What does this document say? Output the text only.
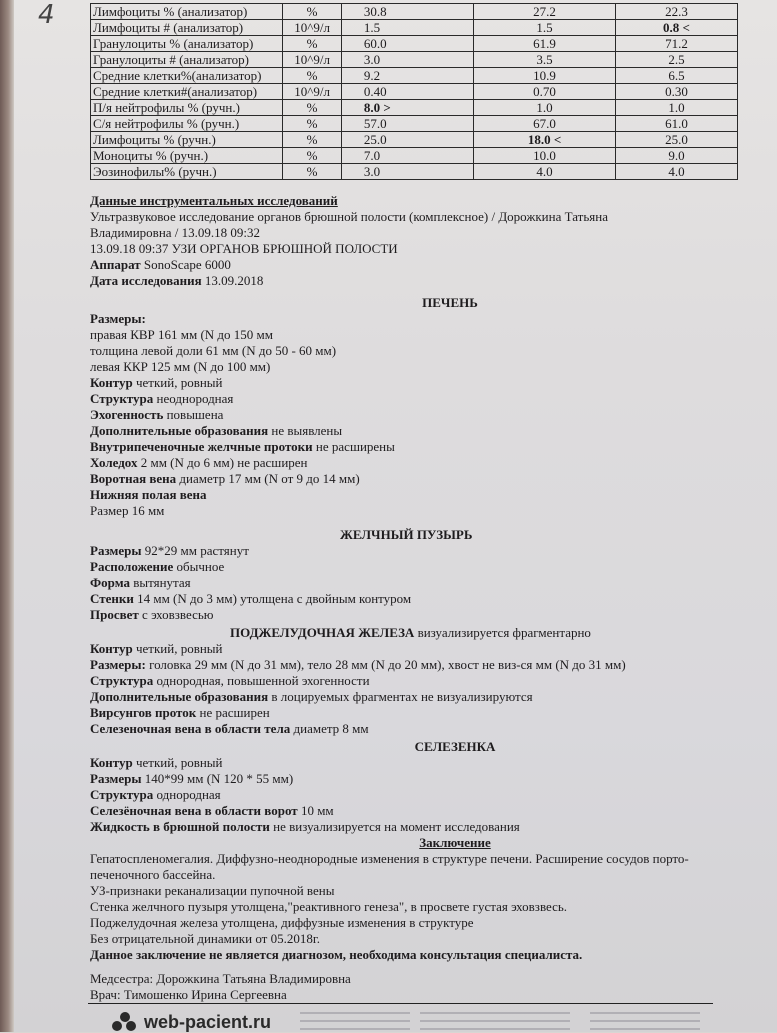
4	Лимфоциты % (анализатор)	%	30.8	27.2	22.3
Лимфоциты # (анализатор)	10^9/л	1.5	1.5	0.8 <
Гранулоциты % (анализатор)	%	60.0	61.9	71.2
Гранулоциты # (анализатор)	10^9/л	3.0	3.5	2.5
Средние клетки%(анализатор)	%	9.2	10.9	6.5
Средние клетки#(анализатор)	10^9/л	0.40	0.70	0.30
П/я нейтрофилы % (ручн.)	%	8.0 >	1.0	1.0
С/я нейтрофилы % (ручн.)	%	57.0	67.0	61.0
Лимфоциты % (ручн.)	%	25.0	18.0 <	25.0
Моноциты % (ручн.)	%	7.0	10.0	9.0
Эозинофилы% (ручн.)	%	3.0	4.0	4.0
Данные инструментальных исследований
Ультразвуковое исследование органов брюшной полости (комплексное) / Дорожкина Татьяна
Владимировна / 13.09.18 09:32
13.09.18 09:37 УЗИ ОРГАНОВ БРЮШНОЙ ПОЛОСТИ
Аппарат SonoScape 6000
Дата исследования 13.09.2018
ПЕЧЕНЬ
Размеры:
правая КВР 161 мм (N до 150 мм
толщина левой доли 61 мм (N до 50 - 60 мм)
левая ККР 125 мм (N до 100 мм)
Контур четкий, ровный
Структура неоднородная
Эхогенность повышена
Дополнительные образования не выявлены
Внутрипеченочные желчные протоки не расширены
Холедох 2 мм (N до 6 мм) не расширен
Воротная вена диаметр 17 мм (N от 9 до 14 мм)
Нижняя полая вена
Размер 16 мм
ЖЕЛЧНЫЙ ПУЗЫРЬ
Размеры 92*29 мм растянут
Расположение обычное
Форма вытянутая
Стенки 14 мм (N до 3 мм) утолщена с двойным контуром
Просвет с эховзвесью
ПОДЖЕЛУДОЧНАЯ ЖЕЛЕЗА визуализируется фрагментарно
Контур четкий, ровный
Размеры: головка 29 мм (N до 31 мм), тело 28 мм (N до 20 мм), хвост не виз-ся мм (N до 31 мм)
Структура однородная, повышенной эхогенности
Дополнительные образования в лоцируемых фрагментах не визуализируются
Вирсунгов проток не расширен
Селезеночная вена в области тела диаметр 8 мм
СЕЛЕЗЕНКА
Контур четкий, ровный
Размеры 140*99 мм (N 120 * 55 мм)
Структура однородная
Селезёночная вена в области ворот 10 мм
Жидкость в брюшной полости не визуализируется на момент исследования
Заключение
Гепатоспленомегалия. Диффузно-неоднородные изменения в структуре печени. Расширение сосудов порто-
печеночного бассейна.
УЗ-признаки реканализации пупочной вены
Стенка желчного пузыря утолщена,"реактивного генеза", в просвете густая эховзвесь.
Поджелудочная железа утолщена, диффузные изменения в структуре
Без отрицательной динамики от 05.2018г.
Данное заключение не является диагнозом, необходима консультация специалиста.
Медсестра: Дорожкина Татьяна Владимировна
Врач: Тимошенко Ирина Сергеевна
web-pacient.ru
